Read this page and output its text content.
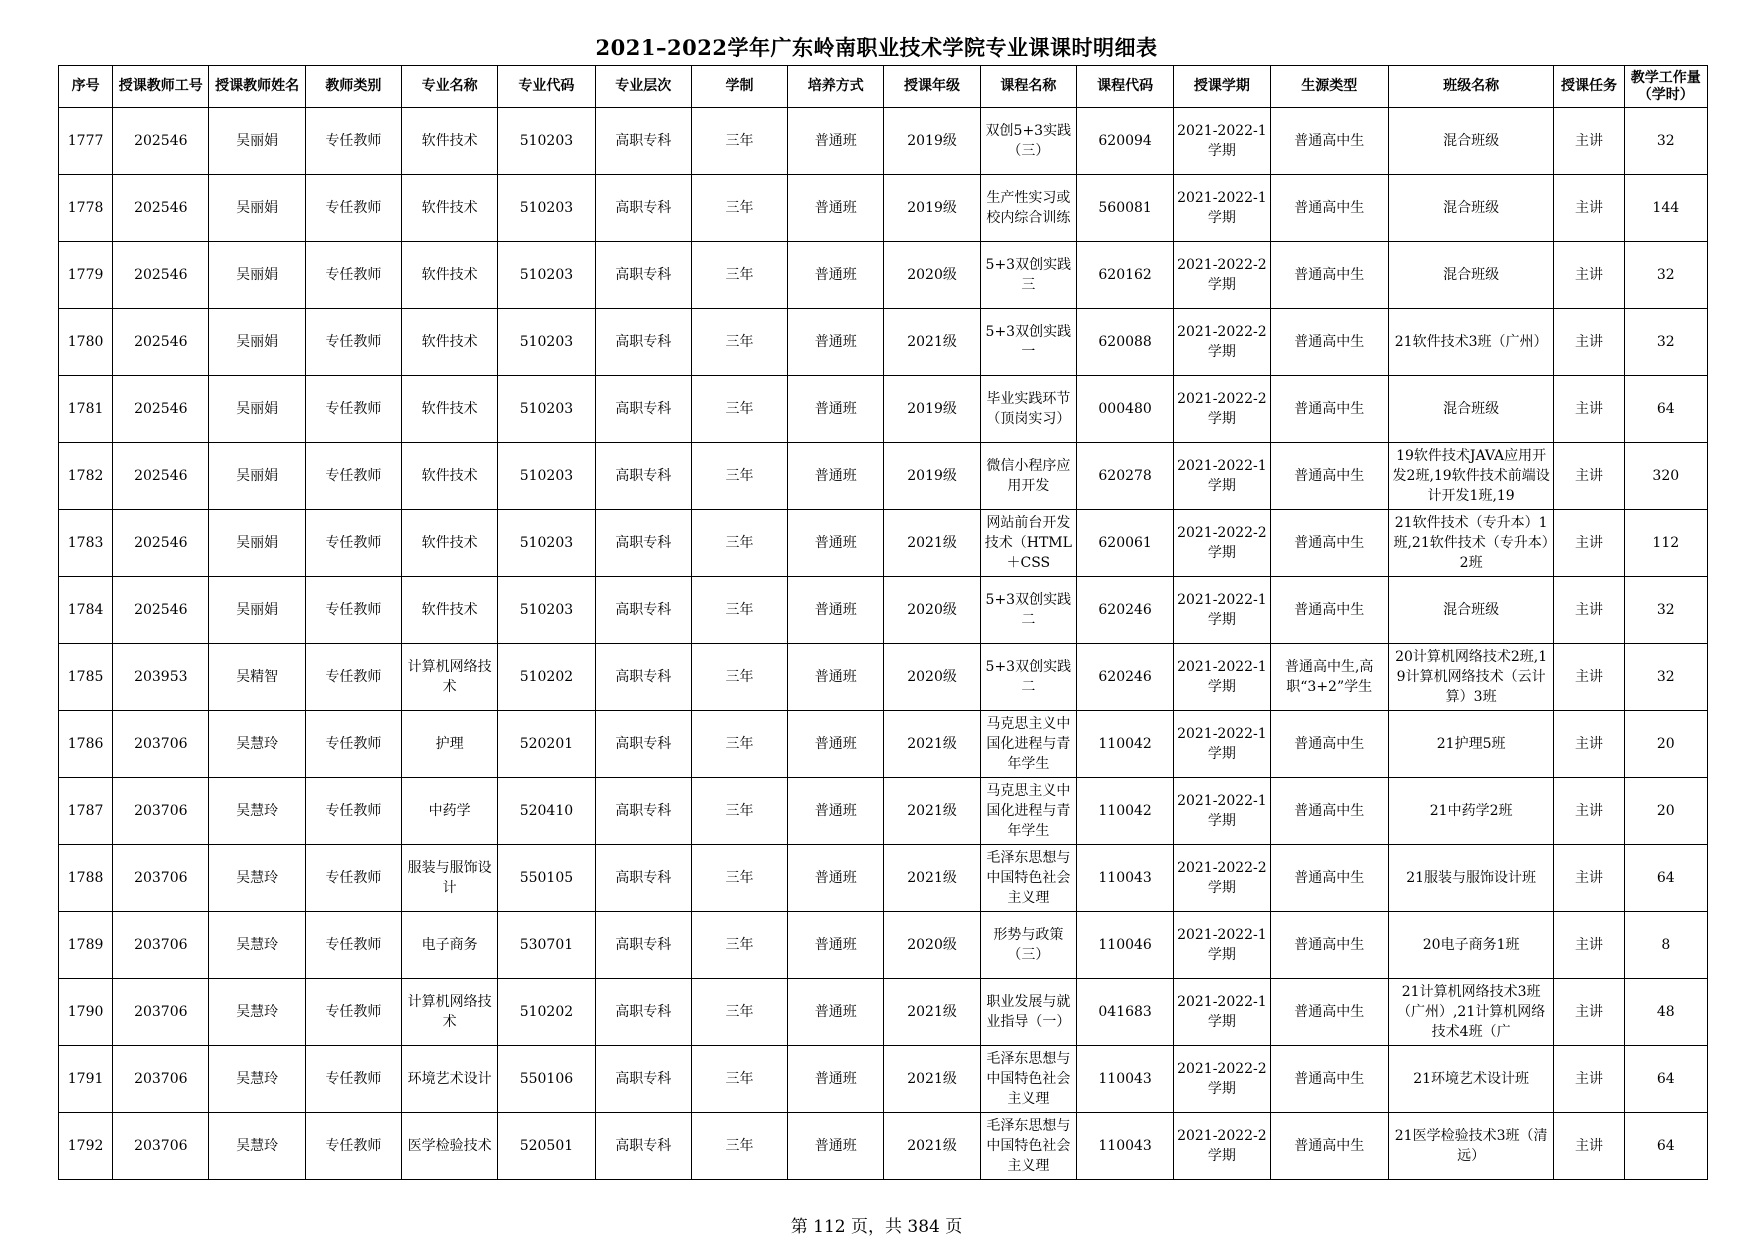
2021–2022学年广东岭南职业技术学院专业课课时明细表
序号	授课教师工号	授课教师姓名	教师类别	专业名称	专业代码	专业层次	学制	培养方式	授课年级	课程名称	课程代码	授课学期	生源类型	班级名称	授课任务	教学工作量（学时）

1777	202546	吴丽娟	专任教师	软件技术	510203	高职专科	三年	普通班	2019级	双创5+3实践（三）	620094	2021-2022-1学期	普通高中生	混合班级	主讲	32

1778	202546	吴丽娟	专任教师	软件技术	510203	高职专科	三年	普通班	2019级	生产性实习或校内综合训练	560081	2021-2022-1学期	普通高中生	混合班级	主讲	144

1779	202546	吴丽娟	专任教师	软件技术	510203	高职专科	三年	普通班	2020级	5+3双创实践三	620162	2021-2022-2学期	普通高中生	混合班级	主讲	32

1780	202546	吴丽娟	专任教师	软件技术	510203	高职专科	三年	普通班	2021级	5+3双创实践一	620088	2021-2022-2学期	普通高中生	21软件技术3班（广州）	主讲	32

1781	202546	吴丽娟	专任教师	软件技术	510203	高职专科	三年	普通班	2019级	毕业实践环节（顶岗实习）	000480	2021-2022-2学期	普通高中生	混合班级	主讲	64

1782	202546	吴丽娟	专任教师	软件技术	510203	高职专科	三年	普通班	2019级	微信小程序应用开发	620278	2021-2022-1学期	普通高中生	19软件技术JAVA应用开发2班,19软件技术前端设计开发1班,19	主讲	320

1783	202546	吴丽娟	专任教师	软件技术	510203	高职专科	三年	普通班	2021级	网站前台开发技术（HTML＋CSS	620061	2021-2022-2学期	普通高中生	21软件技术（专升本）1班,21软件技术（专升本）2班	主讲	112

1784	202546	吴丽娟	专任教师	软件技术	510203	高职专科	三年	普通班	2020级	5+3双创实践二	620246	2021-2022-1学期	普通高中生	混合班级	主讲	32

1785	203953	吴精智	专任教师	计算机网络技术	510202	高职专科	三年	普通班	2020级	5+3双创实践二	620246	2021-2022-1学期	普通高中生,高职“3+2”学生	20计算机网络技术2班,19计算机网络技术（云计算）3班	主讲	32

1786	203706	吴慧玲	专任教师	护理	520201	高职专科	三年	普通班	2021级	马克思主义中国化进程与青年学生	110042	2021-2022-1学期	普通高中生	21护理5班	主讲	20

1787	203706	吴慧玲	专任教师	中药学	520410	高职专科	三年	普通班	2021级	马克思主义中国化进程与青年学生	110042	2021-2022-1学期	普通高中生	21中药学2班	主讲	20

1788	203706	吴慧玲	专任教师	服装与服饰设计	550105	高职专科	三年	普通班	2021级	毛泽东思想与中国特色社会主义理	110043	2021-2022-2学期	普通高中生	21服装与服饰设计班	主讲	64

1789	203706	吴慧玲	专任教师	电子商务	530701	高职专科	三年	普通班	2020级	形势与政策（三）	110046	2021-2022-1学期	普通高中生	20电子商务1班	主讲	8

1790	203706	吴慧玲	专任教师	计算机网络技术	510202	高职专科	三年	普通班	2021级	职业发展与就业指导（一）	041683	2021-2022-1学期	普通高中生	21计算机网络技术3班（广州）,21计算机网络技术4班（广	主讲	48

1791	203706	吴慧玲	专任教师	环境艺术设计	550106	高职专科	三年	普通班	2021级	毛泽东思想与中国特色社会主义理	110043	2021-2022-2学期	普通高中生	21环境艺术设计班	主讲	64

1792	203706	吴慧玲	专任教师	医学检验技术	520501	高职专科	三年	普通班	2021级	毛泽东思想与中国特色社会主义理	110043	2021-2022-2学期	普通高中生	21医学检验技术3班（清远）	主讲	64
第 112 页，共 384 页
